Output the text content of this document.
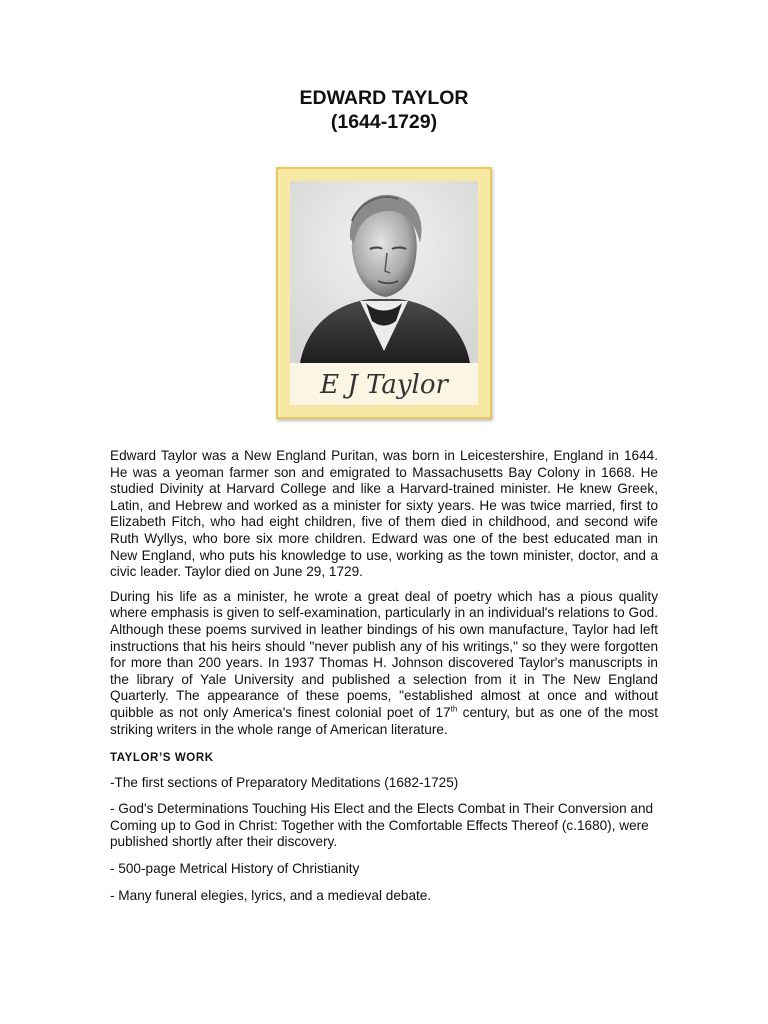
EDWARD TAYLOR
(1644-1729)
E J Taylor

Edward Taylor was a New England Puritan, was born in Leicestershire, England in 1644. He was a yeoman farmer son and emigrated to Massachusetts Bay Colony in 1668. He studied Divinity at Harvard College and like a Harvard-trained minister. He knew Greek, Latin, and Hebrew and worked as a minister for sixty years. He was twice married, first to Elizabeth Fitch, who had eight children, five of them died in childhood, and second wife Ruth Wyllys, who bore six more children. Edward was one of the best educated man in New England, who puts his knowledge to use, working as the town minister, doctor, and a civic leader. Taylor died on June 29, 1729.

During his life as a minister, he wrote a great deal of poetry which has a pious quality where emphasis is given to self-examination, particularly in an individual's relations to God. Although these poems survived in leather bindings of his own manufacture, Taylor had left instructions that his heirs should "never publish any of his writings," so they were forgotten for more than 200 years. In 1937 Thomas H. Johnson discovered Taylor's manuscripts in the library of Yale University and published a selection from it in The New England Quarterly. The appearance of these poems, "established almost at once and without quibble as not only America's finest colonial poet of 17th century, but as one of the most striking writers in the whole range of American literature.

TAYLOR’S WORK

-The first sections of Preparatory Meditations (1682-1725)

- God's Determinations Touching His Elect and the Elects Combat in Their Conversion and Coming up to God in Christ: Together with the Comfortable Effects Thereof (c.1680), were published shortly after their discovery.

- 500-page Metrical History of Christianity

- Many funeral elegies, lyrics, and a medieval debate.
